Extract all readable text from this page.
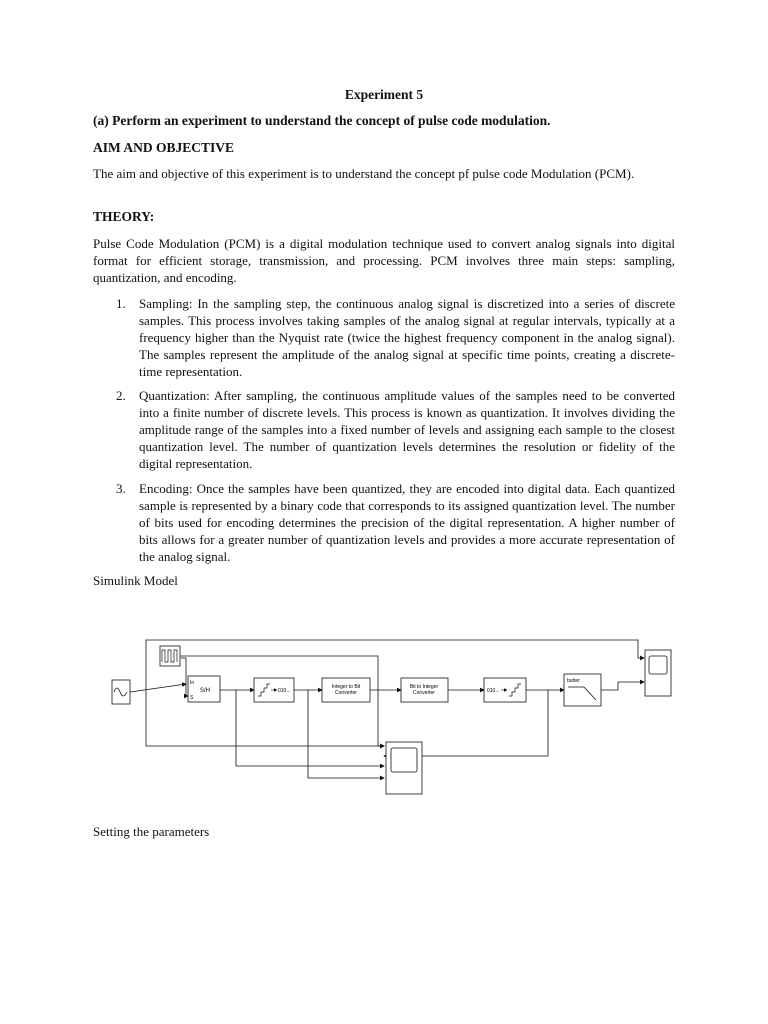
Experiment 5
(a) Perform an experiment to understand the concept of pulse code modulation.
AIM AND OBJECTIVE

The aim and objective of this experiment is to understand the concept pf pulse code Modulation (PCM).

THEORY:

Pulse Code Modulation (PCM) is a digital modulation technique used to convert analog signals into digital format for efficient storage, transmission, and processing. PCM involves three main steps: sampling, quantization, and encoding.

1. Sampling: In the sampling step, the continuous analog signal is discretized into a series of discrete samples. This process involves taking samples of the analog signal at regular intervals, typically at a frequency higher than the Nyquist rate (twice the highest frequency component in the analog signal). The samples represent the amplitude of the analog signal at specific time points, creating a discrete-time representation.

2. Quantization: After sampling, the continuous amplitude values of the samples need to be converted into a finite number of discrete levels. This process is known as quantization. It involves dividing the amplitude range of the samples into a fixed number of levels and assigning each sample to the closest quantization level. The number of quantization levels determines the resolution or fidelity of the digital representation.

3. Encoding: Once the samples have been quantized, they are encoded into digital data. Each quantized sample is represented by a binary code that corresponds to its assigned quantization level. The number of bits used for encoding determines the precision of the digital representation. A higher number of bits allows for a greater number of quantization levels and provides a more accurate representation of the analog signal.

Simulink Model
In
S
S/H	010...
Integer to Bit
Converter
Bit to Integer
Converter	010...
butter
Setting the parameters
